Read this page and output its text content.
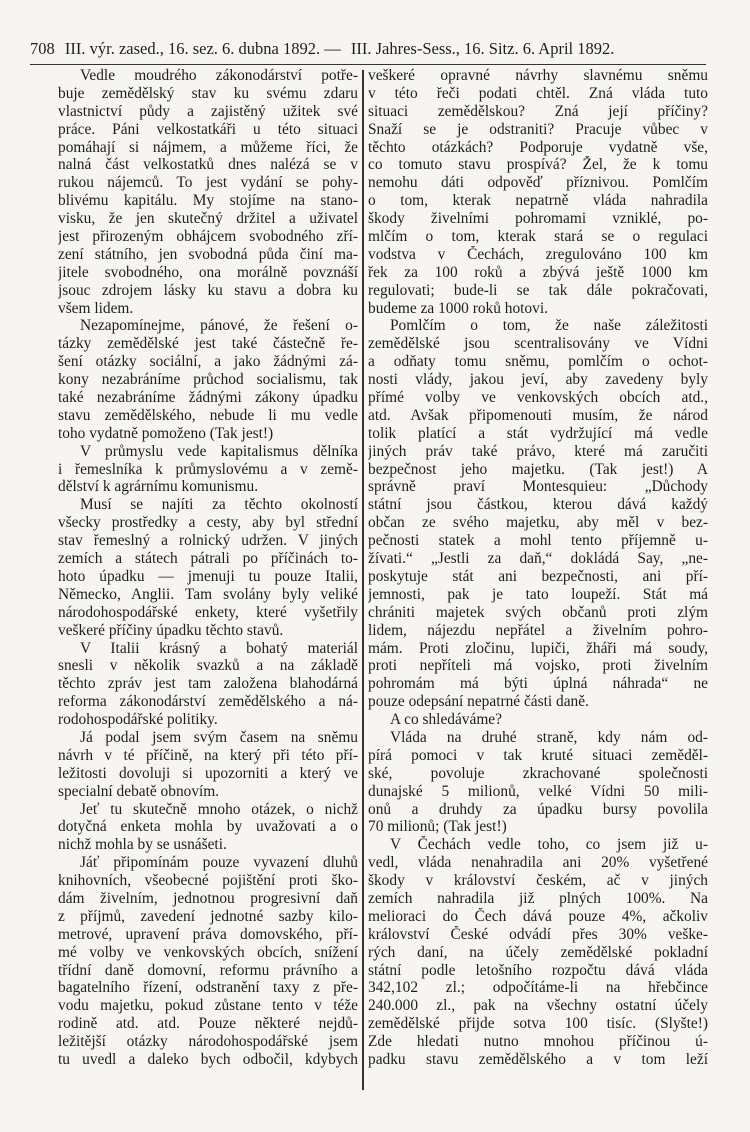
708 III. výr. zased., 16. sez. 6. dubna 1892. — III. Jahres-Sess., 16. Sitz. 6. April 1892.
Vedle moudrého zákonodárství potře-
buje zemědělský stav ku svému zdaru
vlastnictví půdy a zajistěný užitek své
práce. Páni velkostatkáři u této situaci
pomáhají si nájmem, a můžeme říci, že
nalná část velkostatků dnes nalézá se v
rukou nájemců. To jest vydání se pohy-
blivému kapitálu. My stojíme na stano-
visku, že jen skutečný držitel a uživatel
jest přirozeným obhájcem svobodného zří-
zení státního, jen svobodná půda činí ma-
jitele svobodného, ona morálně povznáší
jsouc zdrojem lásky ku stavu a dobra ku
všem lidem.
Nezapomínejme, pánové, že řešení o-
tázky zemědělské jest také částečně ře-
šení otázky sociální, a jako žádnými zá-
kony nezabráníme průchod socialismu, tak
také nezabráníme žádnými zákony úpadku
stavu zemědělského, nebude li mu vedle
toho vydatně pomoženo (Tak jest!)
V průmyslu vede kapitalismus dělníka
i řemeslníka k průmyslovému a v země-
dělství k agrárnímu komunismu.
Musí se najíti za těchto okolností
všecky prostředky a cesty, aby byl střední
stav řemeslný a rolnický udržen. V jiných
zemích a státech pátrali po příčinách to-
hoto úpadku — jmenuji tu pouze Italii,
Německo, Anglii. Tam svolány byly veliké
národohospodářské enkety, které vyšetřily
veškeré příčiny úpadku těchto stavů.
V Italii krásný a bohatý materiál
snesli v několik svazků a na základě
těchto zpráv jest tam založena blahodárná
reforma zákonodárství zemědělského a ná-
rodohospodářské politiky.
Já podal jsem svým časem na sněmu
návrh v té příčině, na který při této pří-
ležitosti dovoluji si upozorniti a který ve
specialní debatě obnovím.
Jeť tu skutečně mnoho otázek, o nichž
dotyčná enketa mohla by uvažovati a o
nichž mohla by se usnášeti.
Jáť připomínám pouze vyvazení dluhů
knihovních, všeobecné pojištění proti ško-
dám živelním, jednotnou progresivní daň
z příjmů, zavedení jednotné sazby kilo-
metrové, upravení práva domovského, pří-
mé volby ve venkovských obcích, snížení
třídní daně domovní, reformu právního a
bagatelního řízení, odstranění taxy z pře-
vodu majetku, pokud zůstane tento v téže
rodině atd. atd. Pouze některé nejdů-
ležitější otázky národohospodářské jsem
tu uvedl a daleko bych odbočil, kdybych
veškeré opravné návrhy slavnému sněmu
v této řeči podati chtěl. Zná vláda tuto
situaci zemědělskou? Zná její příčiny?
Snaží se je odstraniti? Pracuje vůbec v
těchto otázkách? Podporuje vydatně vše,
co tomuto stavu prospívá? Žel, že k tomu
nemohu dáti odpověď příznivou. Pomlčím
o tom, kterak nepatrně vláda nahradila
škody živelními pohromami vzniklé, po-
mlčím o tom, kterak stará se o regulaci
vodstva v Čechách, zregulováno 100 km
řek za 100 roků a zbývá ještě 1000 km
regulovati; bude-li se tak dále pokračovati,
budeme za 1000 roků hotovi.
Pomlčím o tom, že naše záležitosti
zemědělské jsou scentralisovány ve Vídni
a odňaty tomu sněmu, pomlčím o ochot-
nosti vlády, jakou jeví, aby zavedeny byly
přímé volby ve venkovských obcích atd.,
atd. Avšak připomenouti musím, že národ
tolik platící a stát vydržující má vedle
jiných práv také právo, které má zaručiti
bezpečnost jeho majetku. (Tak jest!) A
správně praví Montesquieu: „Důchody
státní jsou částkou, kterou dává každý
občan ze svého majetku, aby měl v bez-
pečnosti statek a mohl tento příjemně u-
žívati.“ „Jestli za daň,“ dokládá Say, „ne-
poskytuje stát ani bezpečnosti, ani pří-
jemnosti, pak je tato loupeží. Stát má
chrániti majetek svých občanů proti zlým
lidem, nájezdu nepřátel a živelním pohro-
mám. Proti zločinu, lupiči, žháři má soudy,
proti nepříteli má vojsko, proti živelním
pohromám má býti úplná náhrada“ ne
pouze odepsání nepatrné části daně.
A co shledáváme?
Vláda na druhé straně, kdy nám od-
pírá pomoci v tak kruté situaci zeměděl-
ské, povoluje zkrachované společnosti
dunajské 5 milionů, velké Vídni 50 mili-
onů a druhdy za úpadku bursy povolila
70 milionů; (Tak jest!)
V Čechách vedle toho, co jsem již u-
vedl, vláda nenahradila ani 20% vyšetřené
škody v království českém, ač v jiných
zemích nahradila již plných 100%. Na
melioraci do Čech dává pouze 4%, ačkoliv
království České odvádí přes 30% veške-
rých daní, na účely zemědělské pokladní
státní podle letošního rozpočtu dává vláda
342,102 zl.; odpočítáme-li na hřebčince
240.000 zl., pak na všechny ostatní účely
zemědělské přijde sotva 100 tisíc. (Slyšte!)
Zde hledati nutno mnohou příčinou ú-
padku stavu zemědělského a v tom leží
